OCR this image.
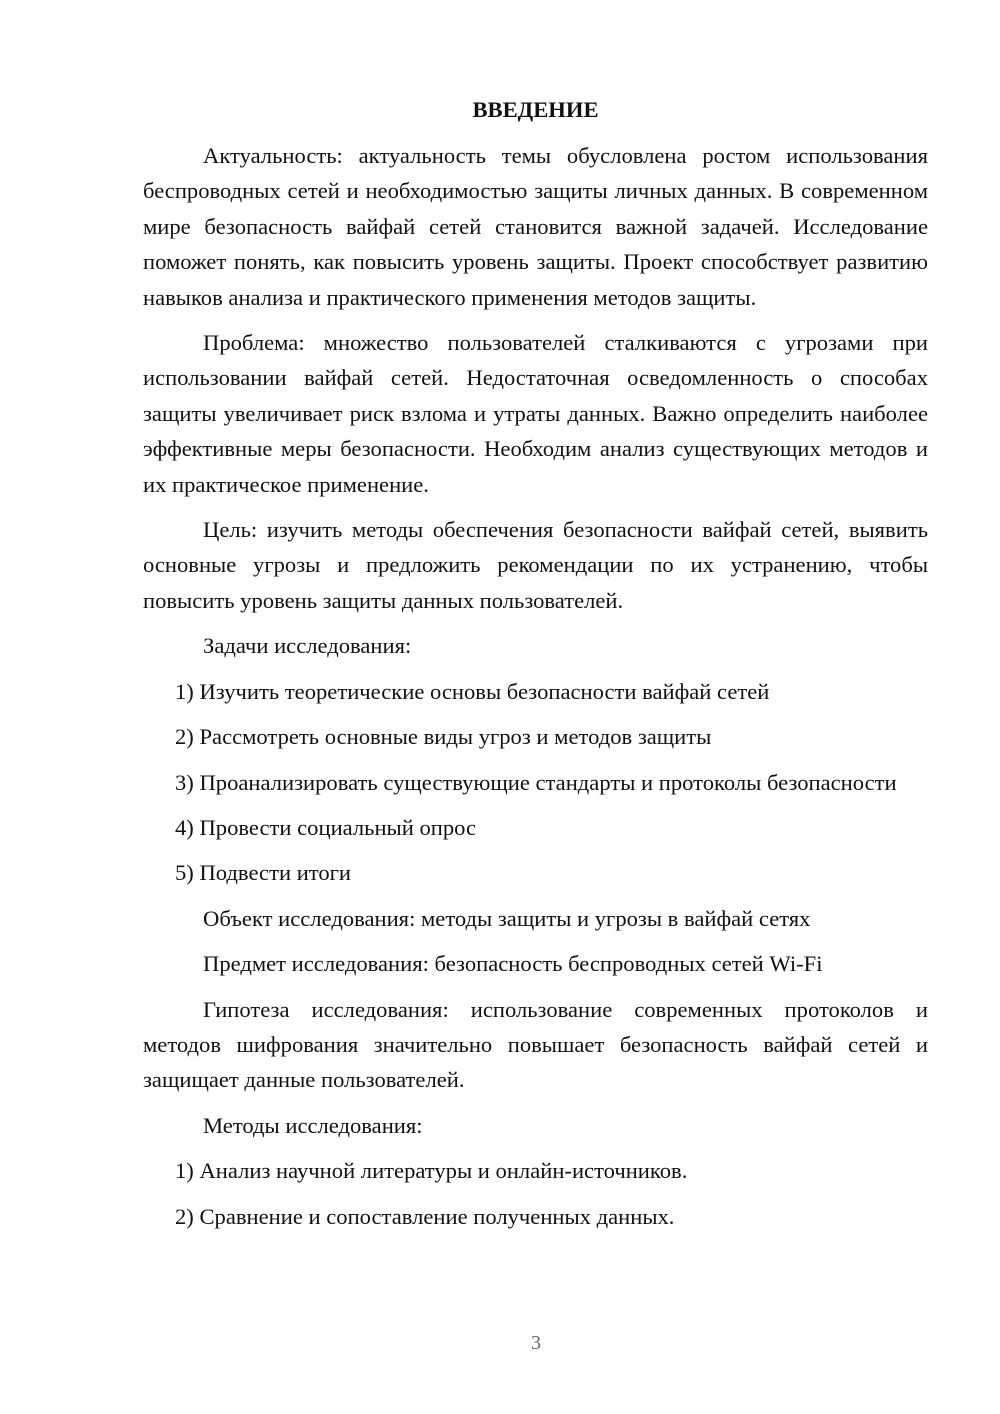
ВВЕДЕНИЕ

Актуальность: актуальность темы обусловлена ростом использования беспроводных сетей и необходимостью защиты личных данных. В современном мире безопасность вайфай сетей становится важной задачей. Исследование поможет понять, как повысить уровень защиты. Проект способствует развитию навыков анализа и практического применения методов защиты.

Проблема: множество пользователей сталкиваются с угрозами при использовании вайфай сетей. Недостаточная осведомленность о способах защиты увеличивает риск взлома и утраты данных. Важно определить наиболее эффективные меры безопасности. Необходим анализ существующих методов и их практическое применение.

Цель: изучить методы обеспечения безопасности вайфай сетей, выявить основные угрозы и предложить рекомендации по их устранению, чтобы повысить уровень защиты данных пользователей.

Задачи исследования:

1) Изучить теоретические основы безопасности вайфай сетей

2) Рассмотреть основные виды угроз и методов защиты

3) Проанализировать существующие стандарты и протоколы безопасности

4) Провести социальный опрос

5) Подвести итоги

Объект исследования: методы защиты и угрозы в вайфай сетях

Предмет исследования: безопасность беспроводных сетей Wi-Fi

Гипотеза исследования: использование современных протоколов и методов шифрования значительно повышает безопасность вайфай сетей и защищает данные пользователей.

Методы исследования:

1) Анализ научной литературы и онлайн-источников.

2) Сравнение и сопоставление полученных данных.

3
